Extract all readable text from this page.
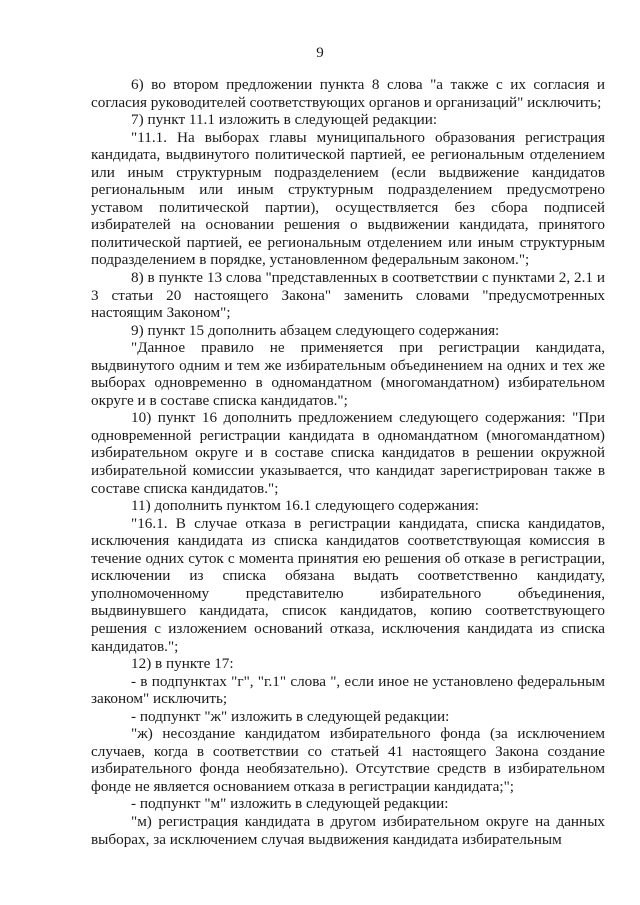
9

6) во втором предложении пункта 8 слова "а также с их согласия и согласия руководителей соответствующих органов и организаций" исключить;

7) пункт 11.1 изложить в следующей редакции:

"11.1. На выборах главы муниципального образования регистрация кандидата, выдвинутого политической партией, ее региональным отделением или иным структурным подразделением (если выдвижение кандидатов региональным или иным структурным подразделением предусмотрено уставом политической партии), осуществляется без сбора подписей избирателей на основании решения о выдвижении кандидата, принятого политической партией, ее региональным отделением или иным структурным подразделением в порядке, установленном федеральным законом.";

8) в пункте 13 слова "представленных в соответствии с пунктами 2, 2.1 и 3 статьи 20 настоящего Закона" заменить словами "предусмотренных настоящим Законом";

9) пункт 15 дополнить абзацем следующего содержания:

"Данное правило не применяется при регистрации кандидата, выдвинутого одним и тем же избирательным объединением на одних и тех же выборах одновременно в одномандатном (многомандатном) избирательном округе и в составе списка кандидатов.";

10) пункт 16 дополнить предложением следующего содержания: "При одновременной регистрации кандидата в одномандатном (многомандатном) избирательном округе и в составе списка кандидатов в решении окружной избирательной комиссии указывается, что кандидат зарегистрирован также в составе списка кандидатов.";

11) дополнить пунктом 16.1 следующего содержания:

"16.1. В случае отказа в регистрации кандидата, списка кандидатов, исключения кандидата из списка кандидатов соответствующая комиссия в течение одних суток с момента принятия ею решения об отказе в регистрации, исключении из списка обязана выдать соответственно кандидату, уполномоченному представителю избирательного объединения, выдвинувшего кандидата, список кандидатов, копию соответствующего решения с изложением оснований отказа, исключения кандидата из списка кандидатов.";

12) в пункте 17:

- в подпунктах "г", "г.1" слова ", если иное не установлено федеральным законом" исключить;

- подпункт "ж" изложить в следующей редакции:

"ж) несоздание кандидатом избирательного фонда (за исключением случаев, когда в соответствии со статьей 41 настоящего Закона создание избирательного фонда необязательно). Отсутствие средств в избирательном фонде не является основанием отказа в регистрации кандидата;";

- подпункт "м" изложить в следующей редакции:

"м) регистрация кандидата в другом избирательном округе на данных выборах, за исключением случая выдвижения кандидата избирательным
